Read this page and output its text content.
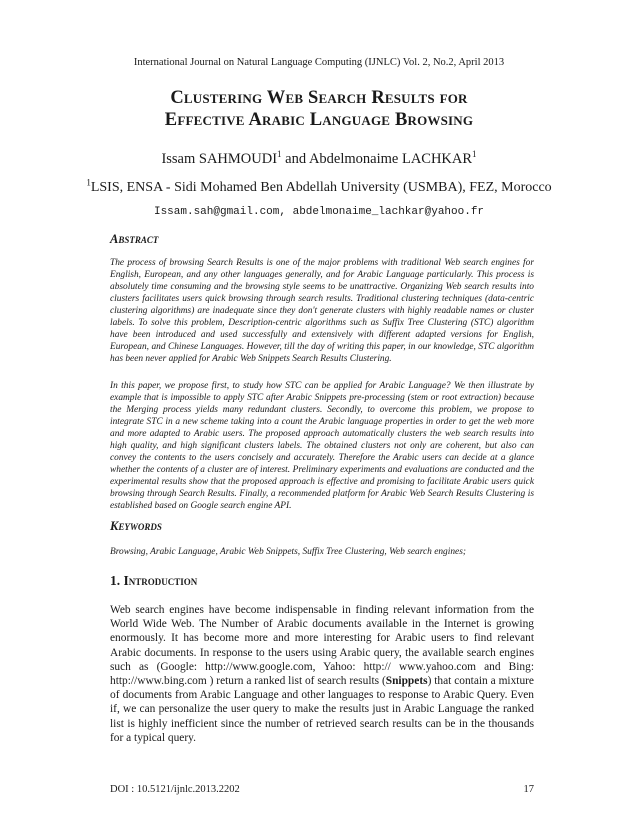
International Journal on Natural Language Computing (IJNLC) Vol. 2, No.2, April 2013
Clustering Web Search Results for
Effective Arabic Language Browsing
Issam SAHMOUDI$^1$ and Abdelmonaime LACHKAR$^1$
$^1$LSIS, ENSA - Sidi Mohamed Ben Abdellah University (USMBA), FEZ, Morocco
Issam.sah@gmail.com, abdelmonaime_lachkar@yahoo.fr
Abstract
The process of browsing Search Results is one of the major problems with traditional Web search engines for English, European, and any other languages generally, and for Arabic Language particularly. This process is absolutely time consuming and the browsing style seems to be unattractive. Organizing Web search results into clusters facilitates users quick browsing through search results. Traditional clustering techniques (data-centric clustering algorithms) are inadequate since they don't generate clusters with highly readable names or cluster labels. To solve this problem, Description-centric algorithms such as Suffix Tree Clustering (STC) algorithm have been introduced and used successfully and extensively with different adapted versions for English, European, and Chinese Languages. However, till the day of writing this paper, in our knowledge, STC algorithm has been never applied for Arabic Web Snippets Search Results Clustering.
In this paper, we propose first, to study how STC can be applied for Arabic Language? We then illustrate by example that is impossible to apply STC after Arabic Snippets pre-processing (stem or root extraction) because the Merging process yields many redundant clusters. Secondly, to overcome this problem, we propose to integrate STC in a new scheme taking into a count the Arabic language properties in order to get the web more and more adapted to Arabic users. The proposed approach automatically clusters the web search results into high quality, and high significant clusters labels. The obtained clusters not only are coherent, but also can convey the contents to the users concisely and accurately. Therefore the Arabic users can decide at a glance whether the contents of a cluster are of interest. Preliminary experiments and evaluations are conducted and the experimental results show that the proposed approach is effective and promising to facilitate Arabic users quick browsing through Search Results. Finally, a recommended platform for Arabic Web Search Results Clustering is established based on Google search engine API.
Keywords
Browsing, Arabic Language, Arabic Web Snippets, Suffix Tree Clustering, Web search engines;
1. Introduction
Web search engines have become indispensable in finding relevant information from the World Wide Web. The Number of Arabic documents available in the Internet is growing enormously. It has become more and more interesting for Arabic users to find relevant Arabic documents. In response to the users using Arabic query, the available search engines such as (Google: http://www.google.com, Yahoo: http:// www.yahoo.com and Bing: http://www.bing.com ) return a ranked list of search results (Snippets) that contain a mixture of documents from Arabic Language and other languages to response to Arabic Query. Even if, we can personalize the user query to make the results just in Arabic Language the ranked list is highly inefficient since the number of retrieved search results can be in the thousands for a typical query.
DOI : 10.5121/ijnlc.2013.2202	17
